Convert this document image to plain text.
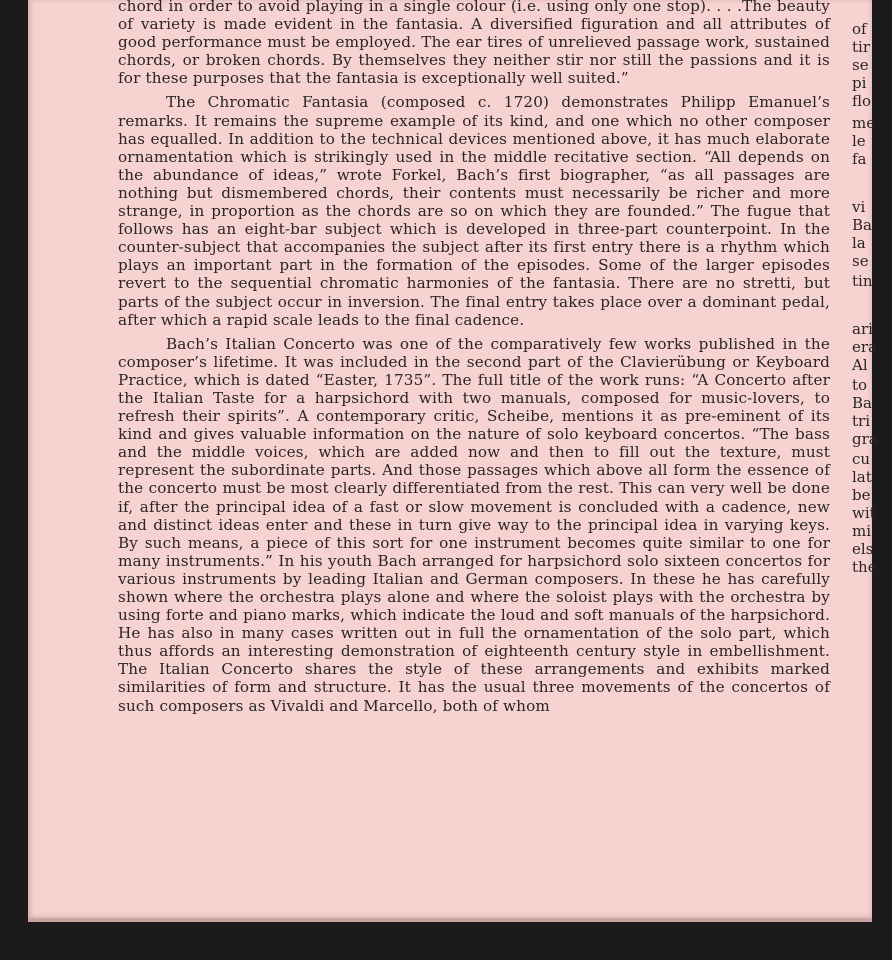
chord in order to avoid playing in a single colour (i.e. using only one stop). . . .The beauty of variety is made evident in the fantasia. A diversified figuration and all attributes of good performance must be employed. The ear tires of unrelieved passage work, sustained chords, or broken chords. By themselves they neither stir nor still the passions and it is for these purposes that the fantasia is exceptionally well suited.”

The Chromatic Fantasia (composed c. 1720) demonstrates Philipp Emanuel’s remarks. It remains the supreme example of its kind, and one which no other composer has equalled. In addition to the technical devices mentioned above, it has much elaborate ornamentation which is strikingly used in the middle recitative section. “All depends on the abundance of ideas,” wrote Forkel, Bach’s first biographer, “as all passages are nothing but dismembered chords, their contents must necessarily be richer and more strange, in proportion as the chords are so on which they are founded.” The fugue that follows has an eight-bar subject which is developed in three-part counterpoint. In the counter-subject that accompanies the subject after its first entry there is a rhythm which plays an important part in the formation of the episodes. Some of the larger episodes revert to the sequential chromatic harmonies of the fantasia. There are no stretti, but parts of the subject occur in inversion. The final entry takes place over a dominant pedal, after which a rapid scale leads to the final cadence.

Bach’s Italian Concerto was one of the comparatively few works published in the composer’s lifetime. It was included in the second part of the Clavierübung or Keyboard Practice, which is dated “Easter, 1735”. The full title of the work runs: “A Concerto after the Italian Taste for a harpsichord with two manuals, composed for music-lovers, to refresh their spirits”. A contemporary critic, Scheibe, mentions it as pre-eminent of its kind and gives valuable information on the nature of solo keyboard concertos. “The bass and the middle voices, which are added now and then to fill out the texture, must represent the subordinate parts. And those passages which above all form the essence of the concerto must be most clearly differentiated from the rest. This can very well be done if, after the principal idea of a fast or slow movement is concluded with a cadence, new and distinct ideas enter and these in turn give way to the principal idea in varying keys. By such means, a piece of this sort for one instrument becomes quite similar to one for many instruments.” In his youth Bach arranged for harpsichord solo sixteen concertos for various instruments by leading Italian and German composers. In these he has carefully shown where the orchestra plays alone and where the soloist plays with the orchestra by using forte and piano marks, which indicate the loud and soft manuals of the harpsichord. He has also in many cases written out in full the ornamentation of the solo part, which thus affords an interesting demonstration of eighteenth century style in embellishment. The Italian Concerto shares the style of these arrangements and exhibits marked similarities of form and structure. It has the usual three movements of the concertos of such composers as Vivaldi and Marcello, both of whom

of
tir
se
pi
flo
me
le
fa
vi
Ba
la
se
tin
ari
era
Al
to
Ba
tri
gra
cu
lat
be
wit
mi
els
the
